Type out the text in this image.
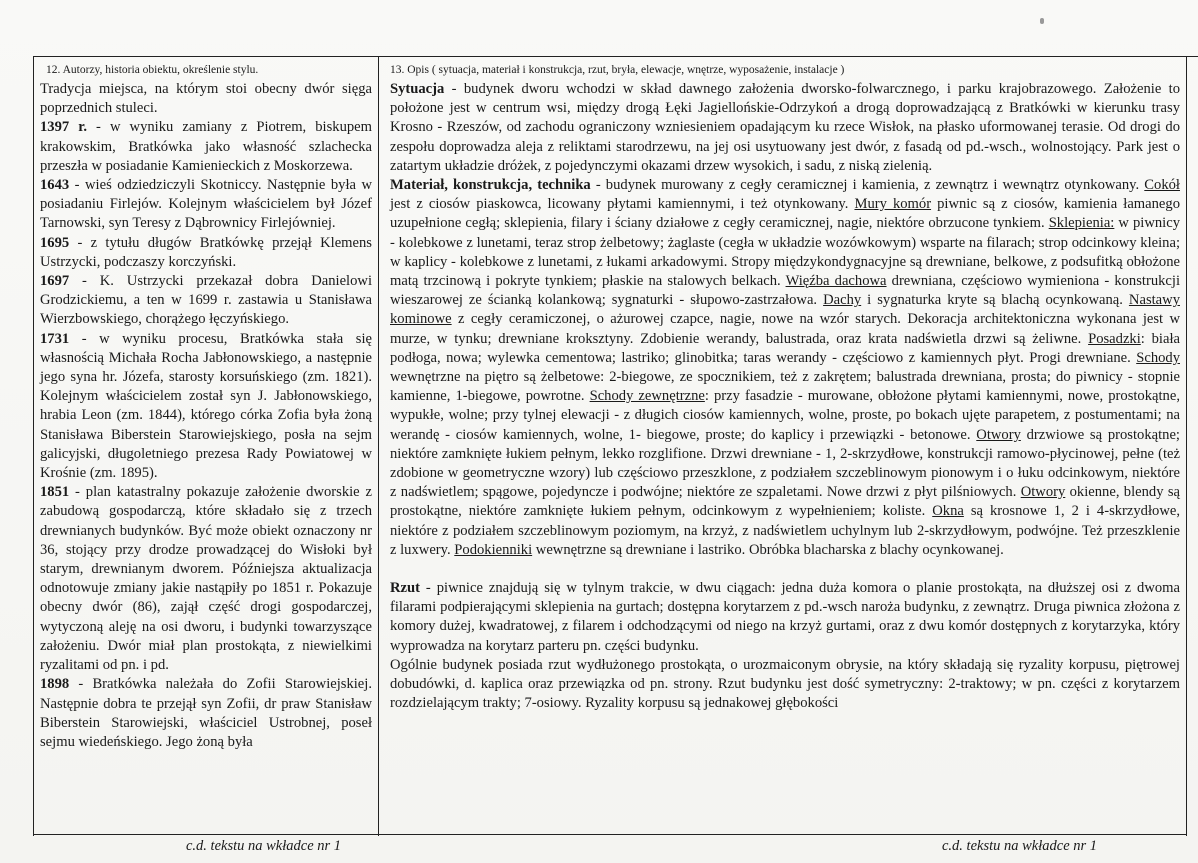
12. Autorzy, historia obiektu, określenie stylu.

Tradycja miejsca, na którym stoi obecny dwór sięga poprzednich stuleci.

1397 r. - w wyniku zamiany z Piotrem, biskupem krakowskim, Bratkówka jako własność szlachecka przeszła w posiadanie Kamienieckich z Moskorzewa.

1643 - wieś odziedziczyli Skotniccy. Następnie była w posiadaniu Firlejów. Kolejnym właścicielem był Józef Tarnowski, syn Teresy z Dąbrownicy Firlejówniej.

1695 - z tytułu długów Bratkówkę przejął Klemens Ustrzycki, podczaszy korczyński.

1697 - K. Ustrzycki przekazał dobra Danielowi Grodzickiemu, a ten w 1699 r. zastawia u Stanisława Wierzbowskiego, chorążego łęczyńskiego.

1731 - w wyniku procesu, Bratkówka stała się własnością Michała Rocha Jabłonowskiego, a następnie jego syna hr. Józefa, starosty korsuńskiego (zm. 1821). Kolejnym właścicielem został syn J. Jabłonowskiego, hrabia Leon (zm. 1844), którego córka Zofia była żoną Stanisława Biberstein Starowiejskiego, posła na sejm galicyjski, długoletniego prezesa Rady Powiatowej w Krośnie (zm. 1895).

1851 - plan katastralny pokazuje założenie dworskie z zabudową gospodarczą, które składało się z trzech drewnianych budynków. Być może obiekt oznaczony nr 36, stojący przy drodze prowadzącej do Wisłoki był starym, drewnianym dworem. Późniejsza aktualizacja odnotowuje zmiany jakie nastąpiły po 1851 r. Pokazuje obecny dwór (86), zajął część drogi gospodarczej, wytyczoną aleję na osi dworu, i budynki towarzyszące założeniu. Dwór miał plan prostokąta, z niewielkimi ryzalitami od pn. i pd.

1898 - Bratkówka należała do Zofii Starowiejskiej. Następnie dobra te przejął syn Zofii, dr praw Stanisław Biberstein Starowiejski, właściciel Ustrobnej, poseł sejmu wiedeńskiego. Jego żoną była

13. Opis ( sytuacja, materiał i konstrukcja, rzut, bryła, elewacje, wnętrze, wyposażenie, instalacje )

Sytuacja - budynek dworu wchodzi w skład dawnego założenia dworsko-folwarcznego, i parku krajobrazowego. Założenie to położone jest w centrum wsi, między drogą Łęki Jagiellońskie-Odrzykoń a drogą doprowadzającą z Bratkówki w kierunku trasy Krosno - Rzeszów, od zachodu ograniczony wzniesieniem opadającym ku rzece Wisłok, na płasko uformowanej terasie. Od drogi do zespołu doprowadza aleja z reliktami starodrzewu, na jej osi usytuowany jest dwór, z fasadą od pd.-wsch., wolnostojący. Park jest o zatartym układzie dróżek, z pojedynczymi okazami drzew wysokich, i sadu, z niską zielenią.

Materiał, konstrukcja, technika - budynek murowany z cegły ceramicznej i kamienia, z zewnątrz i wewnątrz otynkowany. Cokół jest z ciosów piaskowca, licowany płytami kamiennymi, i też otynkowany. Mury komór piwnic są z ciosów, kamienia łamanego uzupełnione cegłą; sklepienia, filary i ściany działowe z cegły ceramicznej, nagie, niektóre obrzucone tynkiem. Sklepienia: w piwnicy - kolebkowe z lunetami, teraz strop żelbetowy; żaglaste (cegła w układzie wozówkowym) wsparte na filarach; strop odcinkowy kleina; w kaplicy - kolebkowe z lunetami, z łukami arkadowymi. Stropy międzykondygnacyjne są drewniane, belkowe, z podsufitką obłożone matą trzcinową i pokryte tynkiem; płaskie na stalowych belkach. Więźba dachowa drewniana, częściowo wymieniona - konstrukcji wieszarowej ze ścianką kolankową; sygnaturki - słupowo-zastrzałowa. Dachy i sygnaturka kryte są blachą ocynkowaną. Nastawy kominowe z cegły ceramiczonej, o ażurowej czapce, nagie, nowe na wzór starych. Dekoracja architektoniczna wykonana jest w murze, w tynku; drewniane kroksztyny. Zdobienie werandy, balustrada, oraz krata nadświetla drzwi są żeliwne. Posadzki: biała podłoga, nowa; wylewka cementowa; lastriko; glinobitka; taras werandy - częściowo z kamiennych płyt. Progi drewniane. Schody wewnętrzne na piętro są żelbetowe: 2-biegowe, ze spocznikiem, też z zakrętem; balustrada drewniana, prosta; do piwnicy - stopnie kamienne, 1-biegowe, powrotne. Schody zewnętrzne: przy fasadzie - murowane, obłożone płytami kamiennymi, nowe, prostokątne, wypukłe, wolne; przy tylnej elewacji - z długich ciosów kamiennych, wolne, proste, po bokach ujęte parapetem, z postumentami; na werandę - ciosów kamiennych, wolne, 1- biegowe, proste; do kaplicy i przewiązki - betonowe. Otwory drzwiowe są prostokątne; niektóre zamknięte łukiem pełnym, lekko rozglifione. Drzwi drewniane - 1, 2-skrzydłowe, konstrukcji ramowo-płycinowej, pełne (też zdobione w geometryczne wzory) lub częściowo przeszklone, z podziałem szczeblinowym pionowym i o łuku odcinkowym, niektóre z nadświetlem; spągowe, pojedyncze i podwójne; niektóre ze szpaletami. Nowe drzwi z płyt pilśniowych. Otwory okienne, blendy są prostokątne, niektóre zamknięte łukiem pełnym, odcinkowym z wypełnieniem; koliste. Okna są krosnowe 1, 2 i 4-skrzydłowe, niektóre z podziałem szczeblinowym poziomym, na krzyż, z nadświetlem uchylnym lub 2-skrzydłowym, podwójne. Też przeszklenie z luxwery. Podokienniki wewnętrzne są drewniane i lastriko. Obróbka blacharska z blachy ocynkowanej.

Rzut - piwnice znajdują się w tylnym trakcie, w dwu ciągach: jedna duża komora o planie prostokąta, na dłuższej osi z dwoma filarami podpierającymi sklepienia na gurtach; dostępna korytarzem z pd.-wsch naroża budynku, z zewnątrz. Druga piwnica złożona z komory dużej, kwadratowej, z filarem i odchodzącymi od niego na krzyż gurtami, oraz z dwu komór dostępnych z korytarzyka, który wyprowadza na korytarz parteru pn. części budynku.

Ogólnie budynek posiada rzut wydłużonego prostokąta, o urozmaiconym obrysie, na który składają się ryzality korpusu, piętrowej dobudówki, d. kaplica oraz przewiązka od pn. strony. Rzut budynku jest dość symetryczny: 2-traktowy; w pn. części z korytarzem rozdzielającym trakty; 7-osiowy. Ryzality korpusu są jednakowej głębokości

c.d. tekstu na wkładce nr 1	c.d. tekstu na wkładce nr 1
